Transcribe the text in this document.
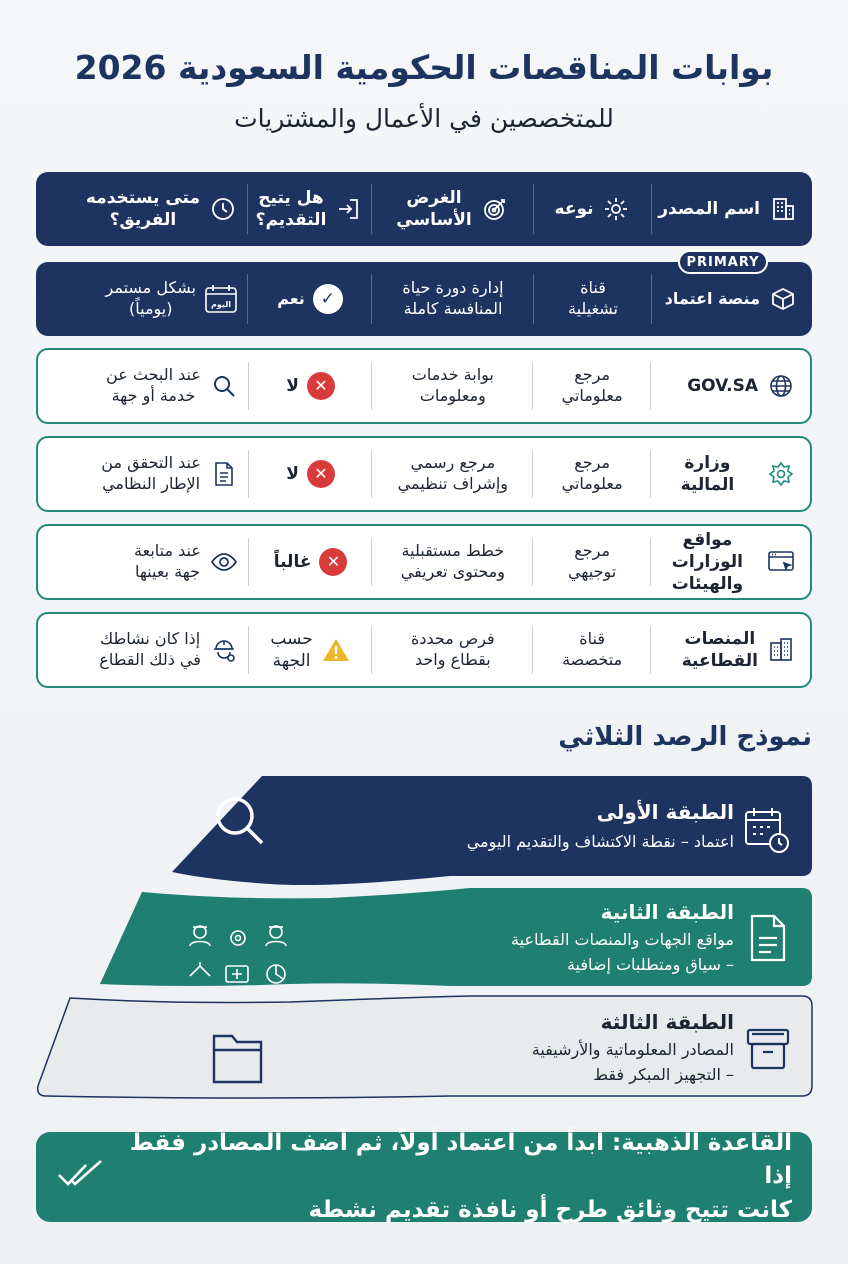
بوابات المناقصات الحكومية السعودية 2026
للمتخصصين في الأعمال والمشتريات
اسم المصدر
نوعه
الغرض
الأساسي
هل يتيح
التقديم؟
متى يستخدمه
الفريق؟
PRIMARY
منصة اعتماد
قناة
تشغيلية
إدارة دورة حياة
المنافسة كاملة
✓
نعم
اليوم
بشكل مستمر
(يومياً)
GOV.SA
مرجع
معلوماتي
بوابة خدمات
ومعلومات
✕
لا
عند البحث عن
خدمة أو جهة
وزارة المالية
مرجع
معلوماتي
مرجع رسمي
وإشراف تنظيمي
✕
لا
عند التحقق من
الإطار النظامي
مواقع الوزارات
والهيئات
مرجع
توجيهي
خطط مستقبلية
ومحتوى تعريفي
✕
غالباً
عند متابعة
جهة بعينها
المنصات
القطاعية
قناة
متخصصة
فرص محددة
بقطاع واحد
حسب
الجهة
إذا كان نشاطك
في ذلك القطاع
نموذج الرصد الثلاثي
الطبقة الأولى
اعتماد – نقطة الاكتشاف والتقديم اليومي
الطبقة الثانية
مواقع الجهات والمنصات القطاعية
– سياق ومتطلبات إضافية
الطبقة الثالثة
المصادر المعلوماتية والأرشيفية
– التجهيز المبكر فقط
القاعدة الذهبية: ابدأ من اعتماد أولاً، ثم أضف المصادر فقط إذا
كانت تتيح وثائق طرح أو نافذة تقديم نشطة
